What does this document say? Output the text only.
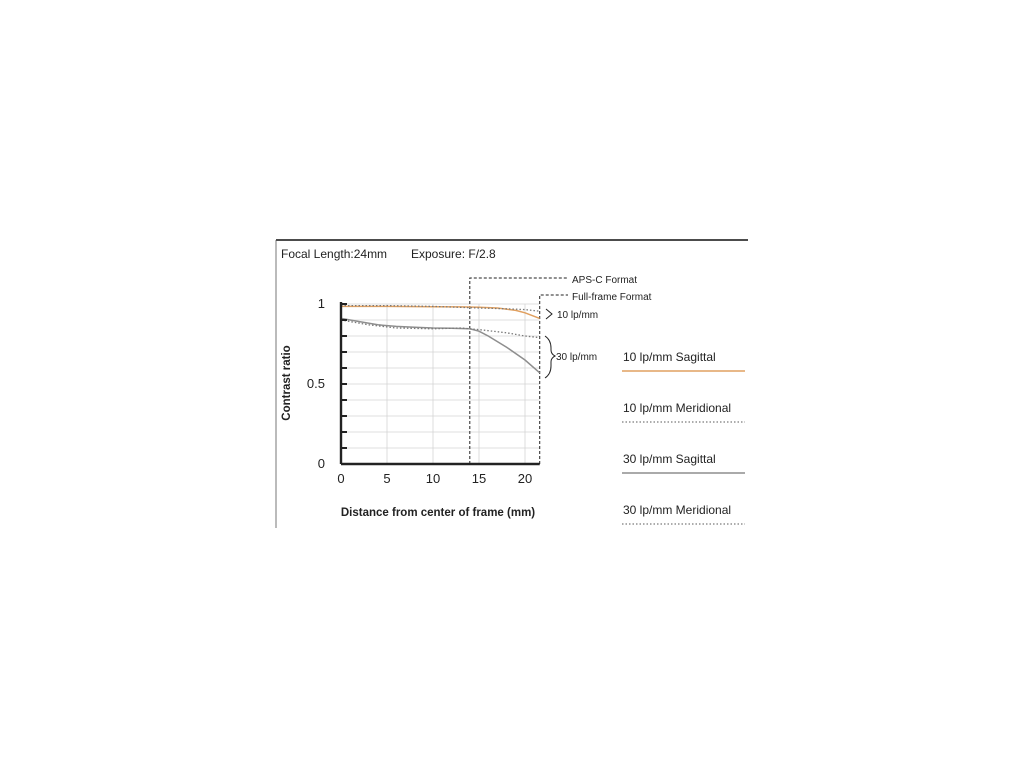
Focal Length:24mm Exposure: F/2.8
0	5	10 15 20
0
0.5
1
APS-C Format
Full-frame Format
10 lp/mm
30 lp/mm
Contrast ratio
Distance from center of frame (mm)
10 lp/mm Sagittal
10 lp/mm Meridional
30 lp/mm Sagittal
30 lp/mm Meridional
